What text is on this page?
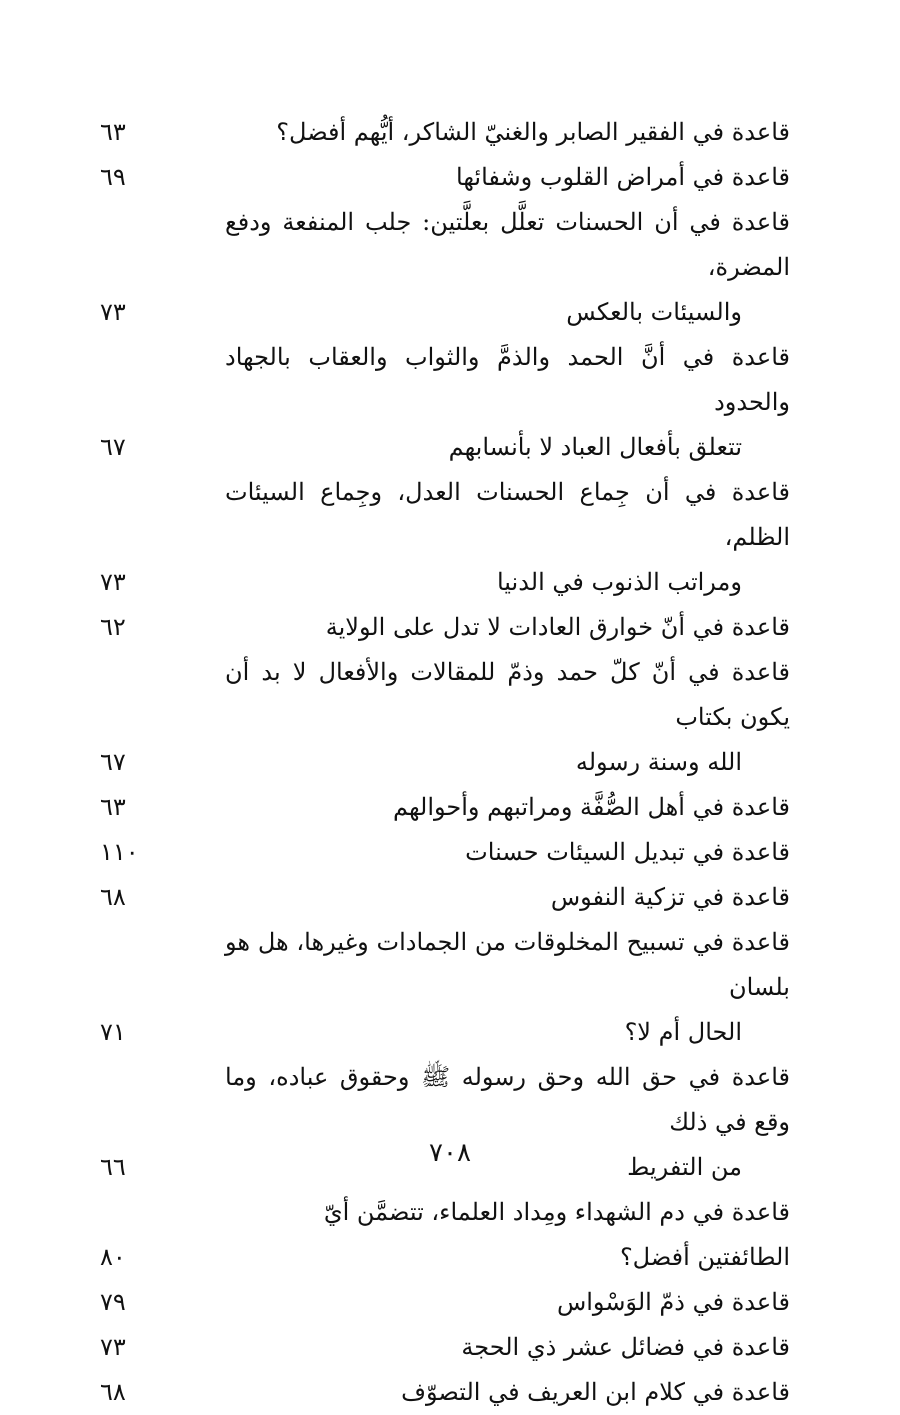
قاعدة في الفقير الصابر والغنيّ الشاكر، أيُّهم أفضل؟
٦٣
قاعدة في أمراض القلوب وشفائها
٦٩
قاعدة في أن الحسنات تعلَّل بعلَّتين: جلب المنفعة ودفع المضرة،
والسيئات بالعكس
٧٣
قاعدة في أنَّ الحمد والذمَّ والثواب والعقاب بالجهاد والحدود
تتعلق بأفعال العباد لا بأنسابهم
٦٧
قاعدة في أن جِماع الحسنات العدل، وجِماع السيئات الظلم،
ومراتب الذنوب في الدنيا
٧٣
قاعدة في أنّ خوارق العادات لا تدل على الولاية
٦٢
قاعدة في أنّ كلّ حمد وذمّ للمقالات والأفعال لا بد أن يكون بكتاب
الله وسنة رسوله
٦٧
قاعدة في أهل الصُّفَّة ومراتبهم وأحوالهم
٦٣
قاعدة في تبديل السيئات حسنات
١١٠
قاعدة في تزكية النفوس
٦٨
قاعدة في تسبيح المخلوقات من الجمادات وغيرها، هل هو بلسان
الحال أم لا؟
٧١
قاعدة في حق الله وحق رسوله ﷺ وحقوق عباده، وما وقع في ذلك
من التفريط
٦٦
قاعدة في دم الشهداء ومِداد العلماء، تتضمَّن أيّ الطائفتين أفضل؟
٨٠
قاعدة في ذمّ الوَسْواس
٧٩
قاعدة في فضائل عشر ذي الحجة
٧٣
قاعدة في كلام ابن العريف في التصوّف
٦٨
٧٠٨
